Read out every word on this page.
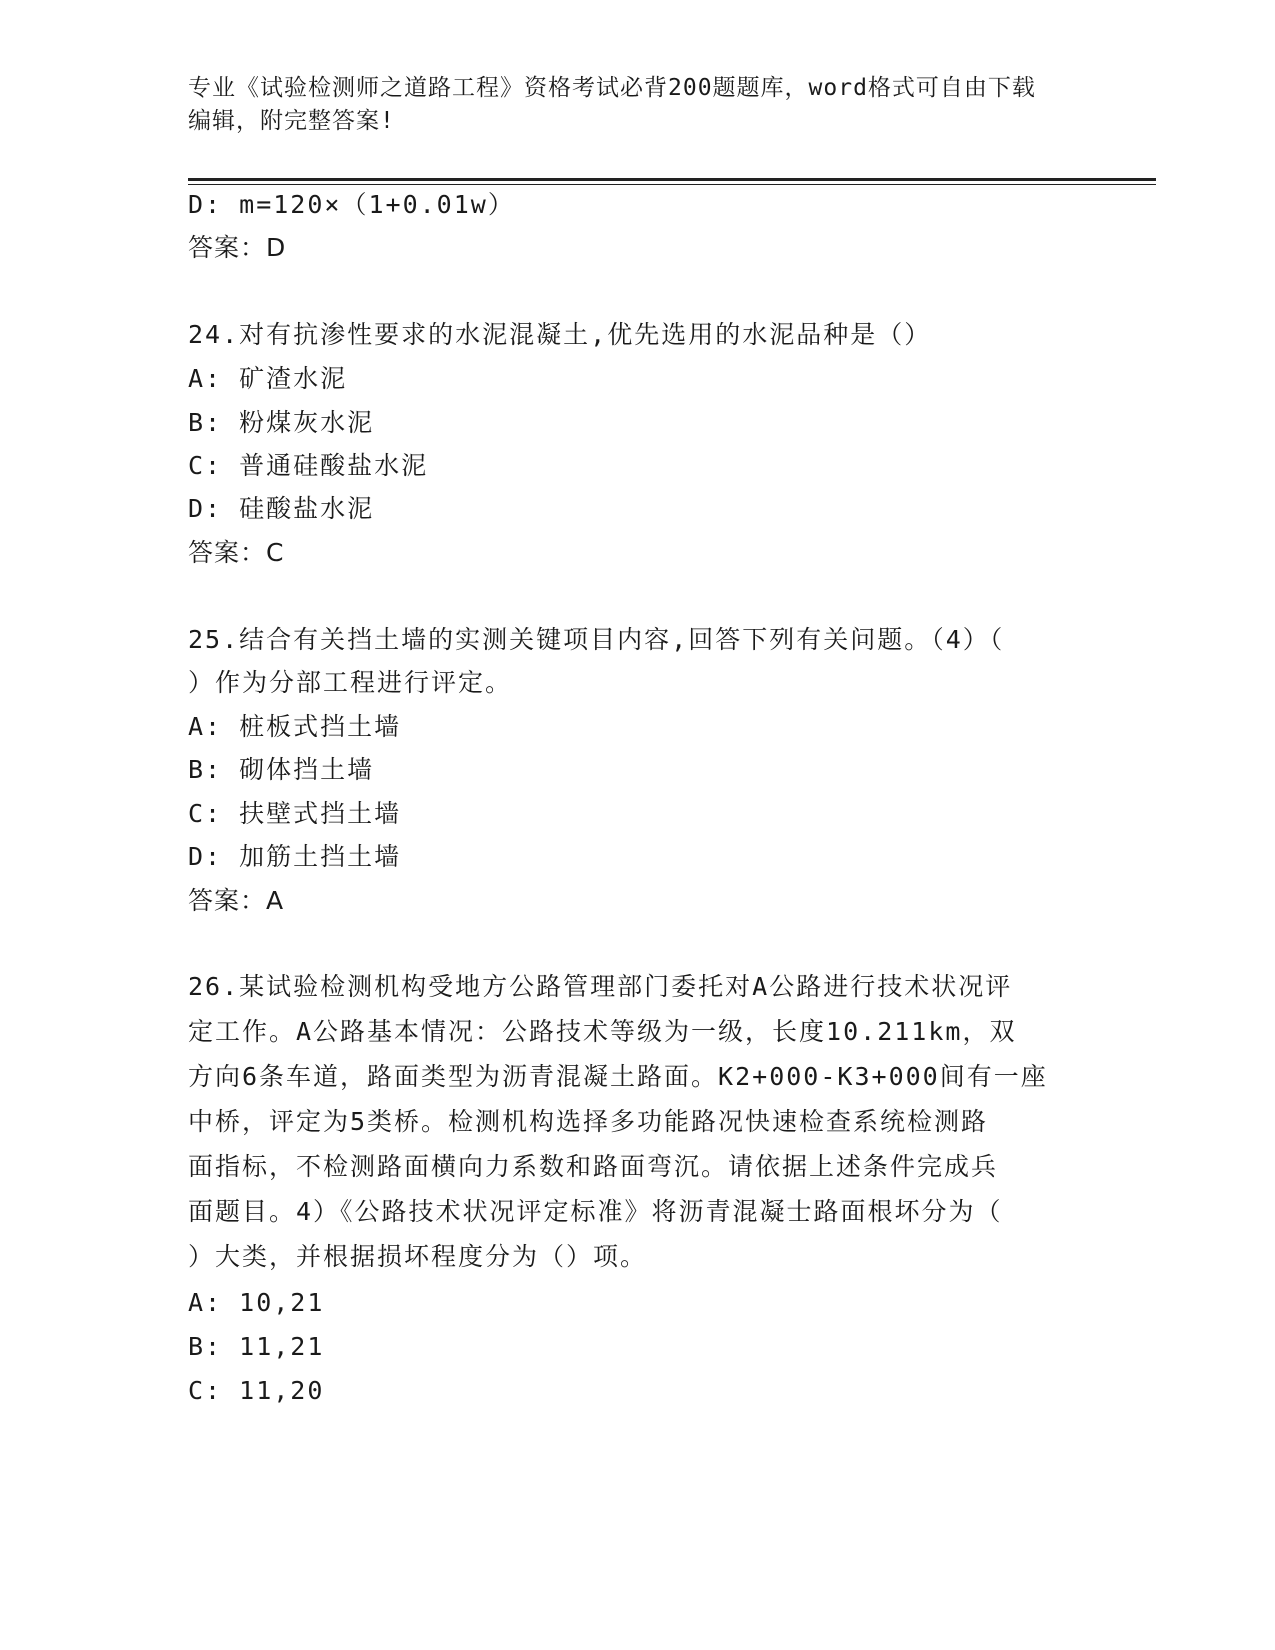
专业《试验检测师之道路工程》资格考试必背200题题库，word格式可自由下载
编辑，附完整答案!
D: m=120×（1+0.01w）
答案：D
24.对有抗渗性要求的水泥混凝土,优先选用的水泥品种是（）
A: 矿渣水泥
B: 粉煤灰水泥
C: 普通硅酸盐水泥
D: 硅酸盐水泥
答案：C
25.结合有关挡土墙的实测关键项目内容,回答下列有关问题。（4）（
）作为分部工程进行评定。
A: 桩板式挡土墙
B: 砌体挡土墙
C: 扶壁式挡土墙
D: 加筋土挡土墙
答案：A
26.某试验检测机构受地方公路管理部门委托对A公路进行技术状况评
定工作。A公路基本情况：公路技术等级为一级，长度10.211km，双
方向6条车道，路面类型为沥青混凝土路面。K2+000-K3+000间有一座
中桥，评定为5类桥。检测机构选择多功能路况快速检查系统检测路
面指标，不检测路面横向力系数和路面弯沉。请依据上述条件完成兵
面题目。4）《公路技术状况评定标准》将沥青混凝士路面根坏分为（
）大类，并根据损坏程度分为（）项。
A: 10,21
B: 11,21
C: 11,20
